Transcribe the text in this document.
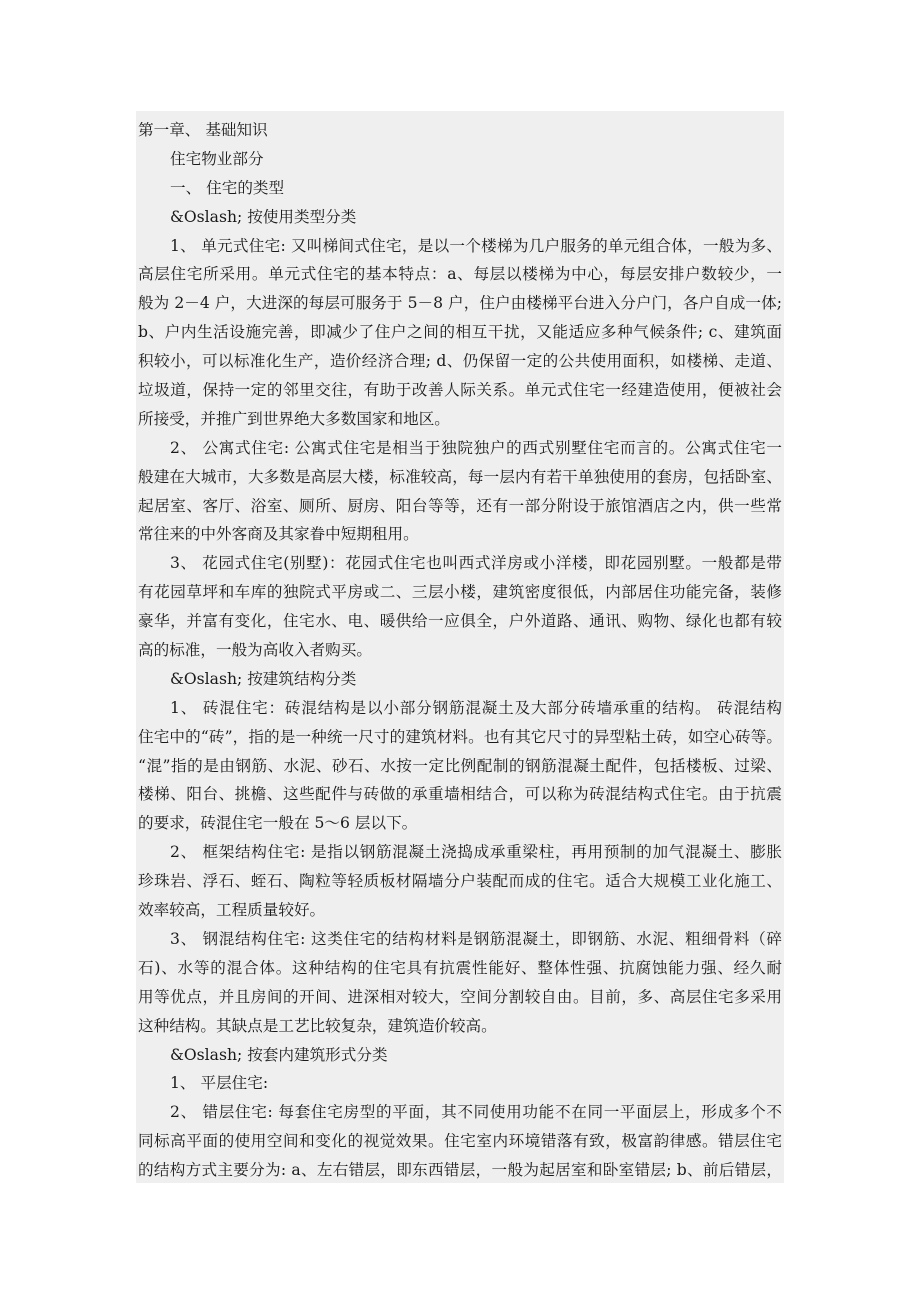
第一章、 基础知识
住宅物业部分
一、 住宅的类型
&Oslash; 按使用类型分类
1、 单元式住宅: 又叫梯间式住宅，是以一个楼梯为几户服务的单元组合体，一般为多、
高层住宅所采用。单元式住宅的基本特点：a、每层以楼梯为中心，每层安排户数较少，一
般为 2－4 户，大进深的每层可服务于 5－8 户，住户由楼梯平台进入分户门，各户自成一体;
b、户内生活设施完善，即减少了住户之间的相互干扰，又能适应多种气候条件; c、建筑面
积较小，可以标准化生产，造价经济合理; d、仍保留一定的公共使用面积，如楼梯、走道、
垃圾道，保持一定的邻里交往，有助于改善人际关系。单元式住宅一经建造使用，便被社会
所接受，并推广到世界绝大多数国家和地区。
2、 公寓式住宅: 公寓式住宅是相当于独院独户的西式别墅住宅而言的。公寓式住宅一
般建在大城市，大多数是高层大楼，标准较高，每一层内有若干单独使用的套房，包括卧室、
起居室、客厅、浴室、厕所、厨房、阳台等等，还有一部分附设于旅馆酒店之内，供一些常
常往来的中外客商及其家眷中短期租用。
3、 花园式住宅(别墅)：花园式住宅也叫西式洋房或小洋楼，即花园别墅。一般都是带
有花园草坪和车库的独院式平房或二、三层小楼，建筑密度很低，内部居住功能完备，装修
豪华，并富有变化，住宅水、电、暖供给一应俱全，户外道路、通讯、购物、绿化也都有较
高的标准，一般为高收入者购买。
&Oslash; 按建筑结构分类
1、 砖混住宅：砖混结构是以小部分钢筋混凝土及大部分砖墙承重的结构。 砖混结构
住宅中的“砖”，指的是一种统一尺寸的建筑材料。也有其它尺寸的异型粘土砖，如空心砖等。
“混”指的是由钢筋、水泥、砂石、水按一定比例配制的钢筋混凝土配件，包括楼板、过梁、
楼梯、阳台、挑檐、这些配件与砖做的承重墙相结合，可以称为砖混结构式住宅。由于抗震
的要求，砖混住宅一般在 5～6 层以下。
2、 框架结构住宅: 是指以钢筋混凝土浇捣成承重梁柱，再用预制的加气混凝土、膨胀
珍珠岩、浮石、蛭石、陶粒等轻质板材隔墙分户装配而成的住宅。适合大规模工业化施工、
效率较高，工程质量较好。
3、 钢混结构住宅: 这类住宅的结构材料是钢筋混凝土，即钢筋、水泥、粗细骨料（碎
石)、水等的混合体。这种结构的住宅具有抗震性能好、整体性强、抗腐蚀能力强、经久耐
用等优点，并且房间的开间、进深相对较大，空间分割较自由。目前，多、高层住宅多采用
这种结构。其缺点是工艺比较复杂，建筑造价较高。
&Oslash; 按套内建筑形式分类
1、 平层住宅:
2、 错层住宅: 每套住宅房型的平面，其不同使用功能不在同一平面层上，形成多个不
同标高平面的使用空间和变化的视觉效果。住宅室内环境错落有致，极富韵律感。错层住宅
的结构方式主要分为: a、左右错层，即东西错层，一般为起居室和卧室错层; b、前后错层，
